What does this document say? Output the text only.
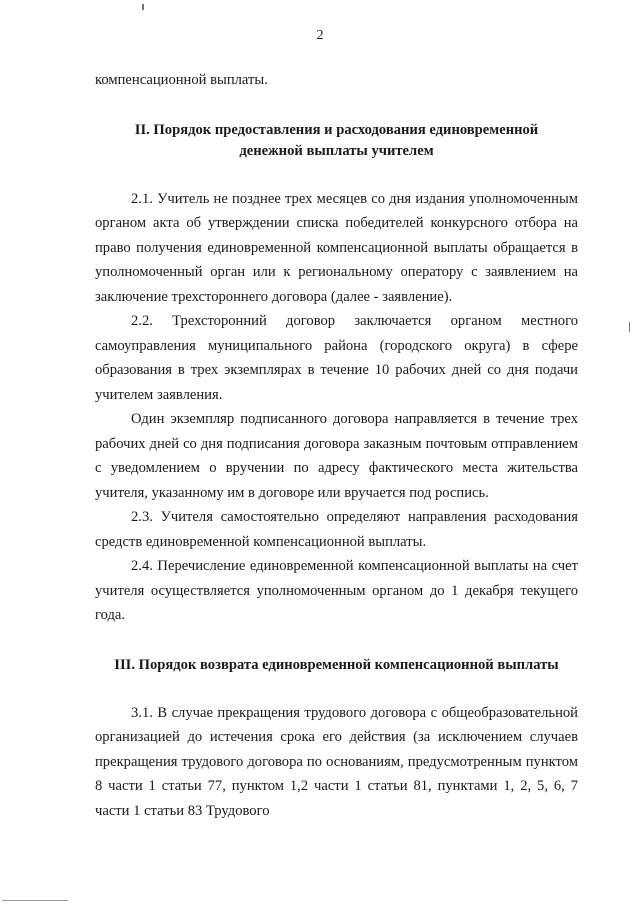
2

компенсационной выплаты.

II. Порядок предоставления и расходования единовременной

денежной выплаты учителем

2.1. Учитель не позднее трех месяцев со дня издания уполномоченным органом акта об утверждении списка победителей конкурсного отбора на право получения единовременной компенсационной выплаты обращается в уполномоченный орган или к региональному оператору с заявлением на заключение трехстороннего договора (далее - заявление).

2.2. Трехсторонний договор заключается органом местного самоуправления муниципального района (городского округа) в сфере образования в трех экземплярах в течение 10 рабочих дней со дня подачи учителем заявления.

Один экземпляр подписанного договора направляется в течение трех рабочих дней со дня подписания договора заказным почтовым отправлением с уведомлением о вручении по адресу фактического места жительства учителя, указанному им в договоре или вручается под роспись.

2.3. Учителя самостоятельно определяют направления расходования средств единовременной компенсационной выплаты.

2.4. Перечисление единовременной компенсационной выплаты на счет учителя осуществляется уполномоченным органом до 1 декабря текущего года.

III. Порядок возврата единовременной компенсационной выплаты

3.1. В случае прекращения трудового договора с общеобразовательной организацией до истечения срока его действия (за исключением случаев прекращения трудового договора по основаниям, предусмотренным пунктом 8 части 1 статьи 77, пунктом 1,2 части 1 статьи 81, пунктами 1, 2, 5, 6, 7 части 1 статьи 83 Трудового
